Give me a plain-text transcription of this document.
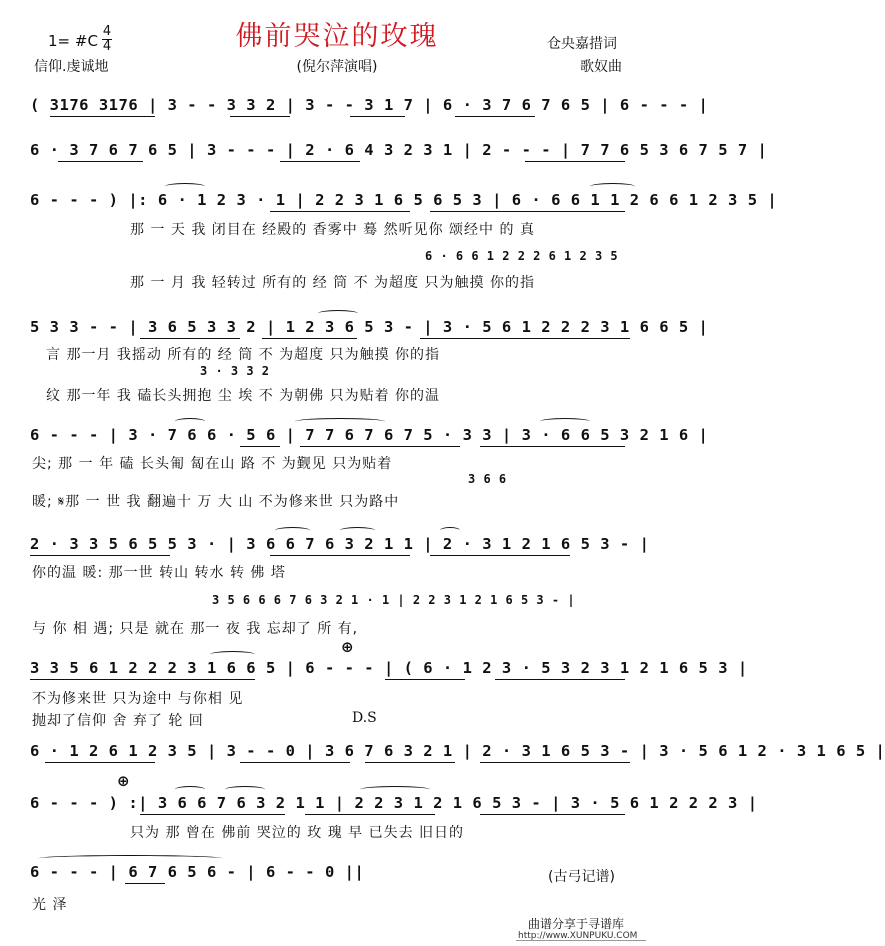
佛前哭泣的玫瑰
1= #C
4
4
信仰.虔诚地	(倪尔萍演唱)
仓央嘉措词
歌奴曲
( 3176 3176 | 3 - - 3 3 2 | 3 - - 3 1 7 | 6 · 3 7 6 7 6 5 | 6 - - - |
6 · 3 7 6 7 6 5 | 3 - - - | 2 · 6 4 3 2 3 1 | 2 - - - | 7 7 6 5 3 6 7 5 7 |
6 - - - ) |: 6 · 1 2 3 · 1 | 2 2 3 1 6 5 6 5 3 | 6 · 6 6 1 1 2 6 6 1 2 3 5 |
那 一 天 我 闭目在 经殿的 香雾中 蓦 然听见你 颂经中 的 真
6 · 6 6 1 2 2 2 6 1 2 3 5
那 一 月 我 轻转过 所有的 经 筒 不 为超度 只为触摸 你的指
5 3 3 - - | 3 6 5 3 3 2 | 1 2 3 6 5 3 - | 3 · 5 6 1 2 2 2 3 1 6 6 5 |
言 那一月 我摇动 所有的 经 筒 不 为超度 只为触摸 你的指
3 · 3 3 2
纹 那一年 我 磕长头拥抱 尘 埃 不 为朝佛 只为贴着 你的温
6 - - - | 3 · 7 6 6 · 5 6 | 7 7 6 7 6 7 5 · 3 3 | 3 · 6 6 5 3 2 1 6 |
尖; 那 一 年 磕 长头匍 匐在山 路 不 为觐见 只为贴着
3 6 6
暖; 𝄋那 一 世 我 翻遍十 万 大 山 不为修来世 只为路中
2 · 3 3 5 6 5 5 3 · | 3 6 6 7 6 3 2 1 1 | 2 · 3 1 2 1 6 5 3 - |
你的温 暖: 那一世 转山 转水 转 佛 塔
3 5 6 6 6 7 6 3 2 1 · 1 | 2 2 3 1 2 1 6 5 3 - |
与 你 相 遇; 只是 就在 那一 夜 我 忘却了 所 有,
⊕
3 3 5 6 1 2 2 2 3 1 6 6 5 | 6 - - - | ( 6 · 1 2 3 · 5 3 2 3 1 2 1 6 5 3 |
不为修来世 只为途中 与你相 见
抛却了信仰 舍 弃了 轮 回	D.S
6 · 1 2 6 1 2 3 5 | 3 - - 0 | 3 6 7 6 3 2 1 | 2 · 3 1 6 5 3 - | 3 · 5 6 1 2 · 3 1 6 5 |
⊕
6 - - - ) :| 3 6 6 7 6 3 2 1 1 | 2 2 3 1 2 1 6 5 3 - | 3 · 5 6 1 2 2 2 3 |
只为 那 曾在 佛前 哭泣的 玫 瑰 早 已失去 旧日的
6 - - - | 6 7 6 5 6 - | 6 - - 0 ||
光 泽
(古弓记谱)
曲谱分享于寻谱库
http://www.XUNPUKU.COM
